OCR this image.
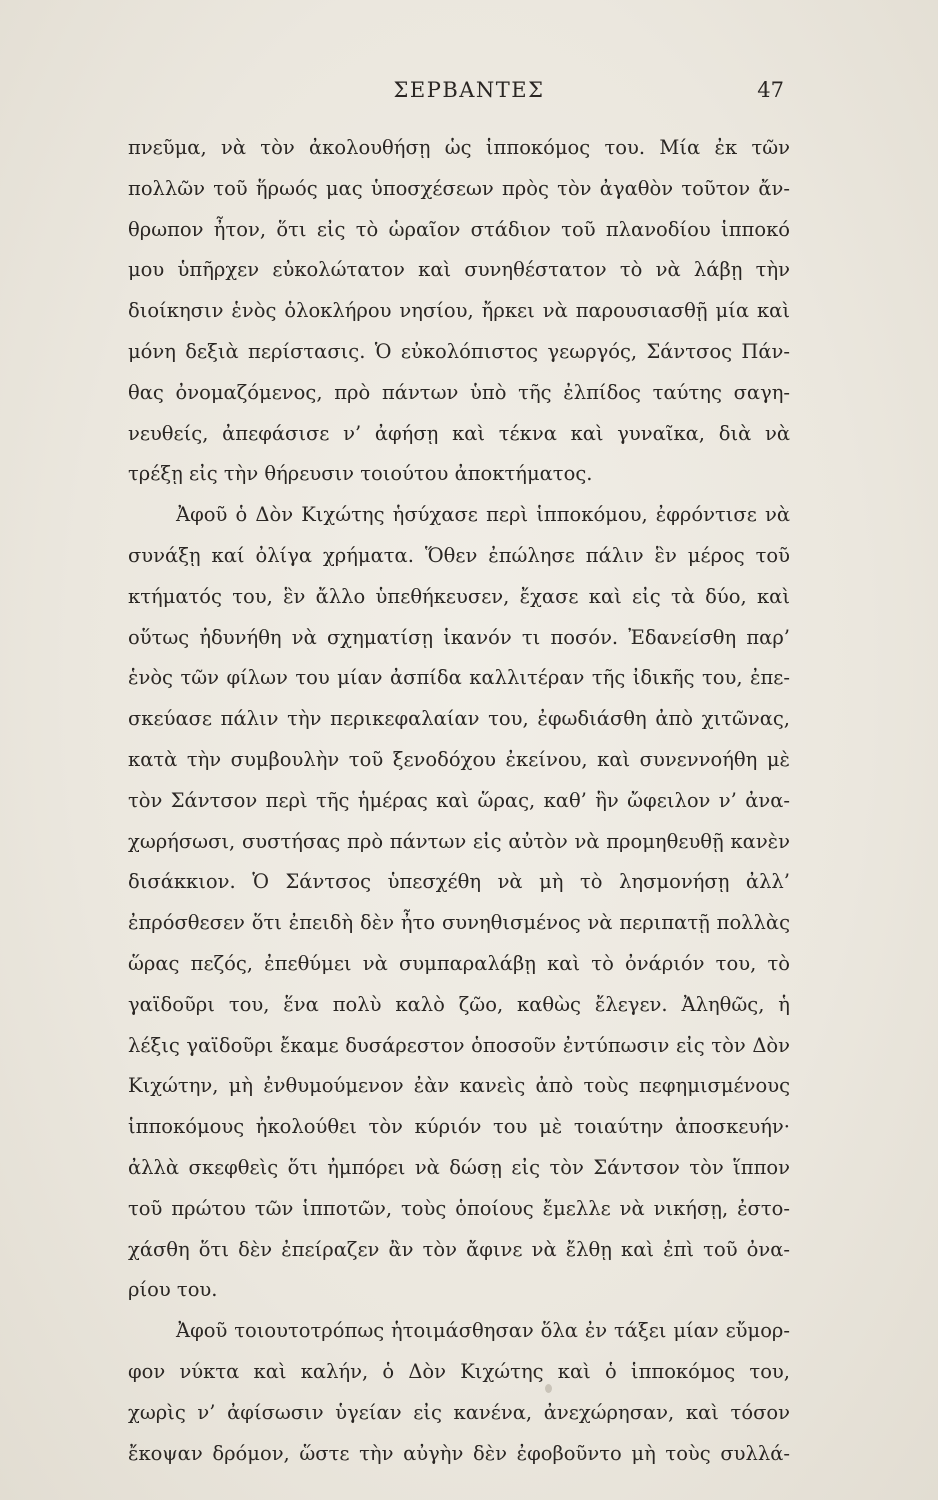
ΣΕΡΒΑΝΤΕΣ	47
πνεῦμα, νὰ τὸν ἀκολουθήσῃ ὡς ἱπποκόμος του. Μία ἐκ τῶν
πολλῶν τοῦ ἥρωός μας ὑποσχέσεων πρὸς τὸν ἀγαθὸν τοῦτον ἄν-
θρωπον ἦτον, ὅτι εἰς τὸ ὡραῖον στάδιον τοῦ πλανοδίου ἱπποκό
μου ὑπῆρχεν εὐκολώτατον καὶ συνηθέστατον τὸ νὰ λάβῃ τὴν
διοίκησιν ἑνὸς ὁλοκλήρου νησίου, ἤρκει νὰ παρουσιασθῇ μία καὶ
μόνη δεξιὰ περίστασις. Ὁ εὐκολόπιστος γεωργός, Σάντσος Πάν-
θας ὀνομαζόμενος, πρὸ πάντων ὑπὸ τῆς ἐλπίδος ταύτης σαγη-
νευθείς, ἀπεφάσισε ν’ ἀφήσῃ καὶ τέκνα καὶ γυναῖκα, διὰ νὰ
τρέξῃ εἰς τὴν θήρευσιν τοιούτου ἀποκτήματος.
Ἀφοῦ ὁ Δὸν Κιχώτης ἡσύχασε περὶ ἱπποκόμου, ἐφρόντισε νὰ
συνάξῃ καί ὀλίγα χρήματα. Ὅθεν ἐπώλησε πάλιν ἓν μέρος τοῦ
κτήματός του, ἓν ἄλλο ὑπεθήκευσεν, ἔχασε καὶ εἰς τὰ δύο, καὶ
οὕτως ἠδυνήθη νὰ σχηματίσῃ ἱκανόν τι ποσόν. Ἐδανείσθη παρ’
ἑνὸς τῶν φίλων του μίαν ἀσπίδα καλλιτέραν τῆς ἰδικῆς του, ἐπε-
σκεύασε πάλιν τὴν περικεφαλαίαν του, ἐφωδιάσθη ἀπὸ χιτῶνας,
κατὰ τὴν συμβουλὴν τοῦ ξενοδόχου ἐκείνου, καὶ συνεννοήθη μὲ
τὸν Σάντσον περὶ τῆς ἡμέρας καὶ ὥρας, καθ’ ἣν ὤφειλον ν’ ἀνα-
χωρήσωσι, συστήσας πρὸ πάντων εἰς αὐτὸν νὰ προμηθευθῇ κανὲν
δισάκκιον. Ὁ Σάντσος ὑπεσχέθη νὰ μὴ τὸ λησμονήσῃ ἀλλ’
ἐπρόσθεσεν ὅτι ἐπειδὴ δὲν ἦτο συνηθισμένος νὰ περιπατῇ πολλὰς
ὥρας πεζός, ἐπεθύμει νὰ συμπαραλάβῃ καὶ τὸ ὀνάριόν του, τὸ
γαϊδοῦρι του, ἕνα πολὺ καλὸ ζῶο, καθὼς ἔλεγεν. Ἀληθῶς, ἡ
λέξις γαϊδοῦρι ἔκαμε δυσάρεστον ὁποσοῦν ἐντύπωσιν εἰς τὸν Δὸν
Κιχώτην, μὴ ἐνθυμούμενον ἐὰν κανεὶς ἀπὸ τοὺς πεφημισμένους
ἱπποκόμους ἠκολούθει τὸν κύριόν του μὲ τοιαύτην ἀποσκευήν·
ἀλλὰ σκεφθεὶς ὅτι ἠμπόρει νὰ δώσῃ εἰς τὸν Σάντσον τὸν ἵππον
τοῦ πρώτου τῶν ἱπποτῶν, τοὺς ὁποίους ἔμελλε νὰ νικήσῃ, ἐστο-
χάσθη ὅτι δὲν ἐπείραζεν ἂν τὸν ἄφινε νὰ ἔλθῃ καὶ ἐπὶ τοῦ ὀνα-
ρίου του.
Ἀφοῦ τοιουτοτρόπως ἡτοιμάσθησαν ὅλα ἐν τάξει μίαν εὔμορ-
φον νύκτα καὶ καλήν, ὁ Δὸν Κιχώτης καὶ ὁ ἱπποκόμος του,
χωρὶς ν’ ἀφίσωσιν ὑγείαν εἰς κανένα, ἀνεχώρησαν, καὶ τόσον
ἔκοψαν δρόμον, ὥστε τὴν αὐγὴν δὲν ἐφοβοῦντο μὴ τοὺς συλλά-
